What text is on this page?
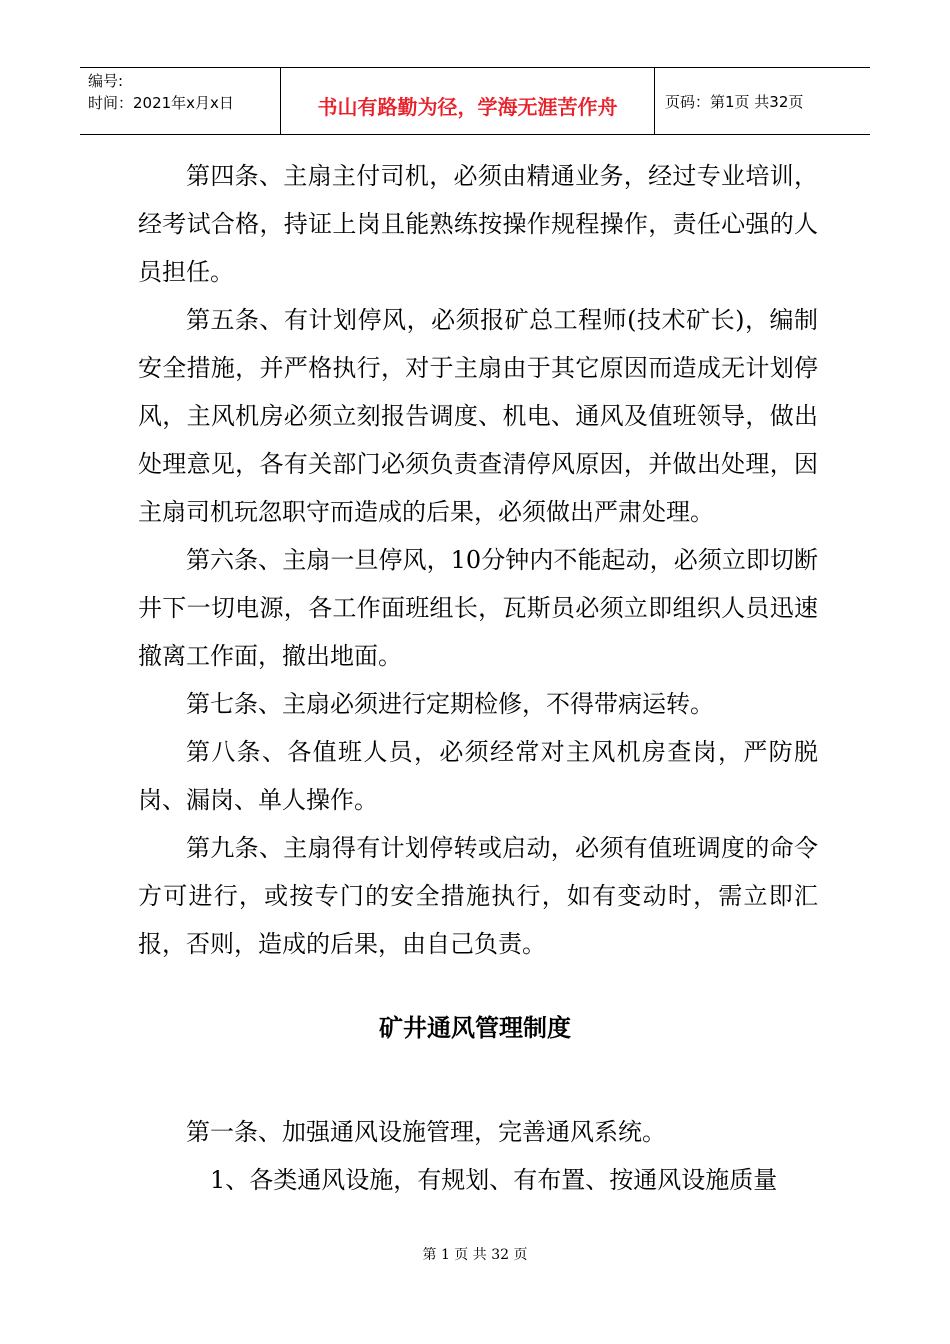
编号:
时间：2021年x月x日	书山有路勤为径，学海无涯苦作舟	页码：第1页 共32页

第四条、主扇主付司机，必须由精通业务，经过专业培训，经考试合格，持证上岗且能熟练按操作规程操作，责任心强的人员担任。

第五条、有计划停风，必须报矿总工程师(技术矿长)，编制安全措施，并严格执行，对于主扇由于其它原因而造成无计划停风，主风机房必须立刻报告调度、机电、通风及值班领导，做出处理意见，各有关部门必须负责查清停风原因，并做出处理，因主扇司机玩忽职守而造成的后果，必须做出严肃处理。

第六条、主扇一旦停风，10分钟内不能起动，必须立即切断井下一切电源，各工作面班组长，瓦斯员必须立即组织人员迅速撤离工作面，撤出地面。

第七条、主扇必须进行定期检修，不得带病运转。

第八条、各值班人员，必须经常对主风机房查岗，严防脱岗、漏岗、单人操作。

第九条、主扇得有计划停转或启动，必须有值班调度的命令方可进行，或按专门的安全措施执行，如有变动时，需立即汇报，否则，造成的后果，由自己负责。

矿井通风管理制度

第一条、加强通风设施管理，完善通风系统。

1、各类通风设施，有规划、有布置、按通风设施质量

第 1 页 共 32 页
